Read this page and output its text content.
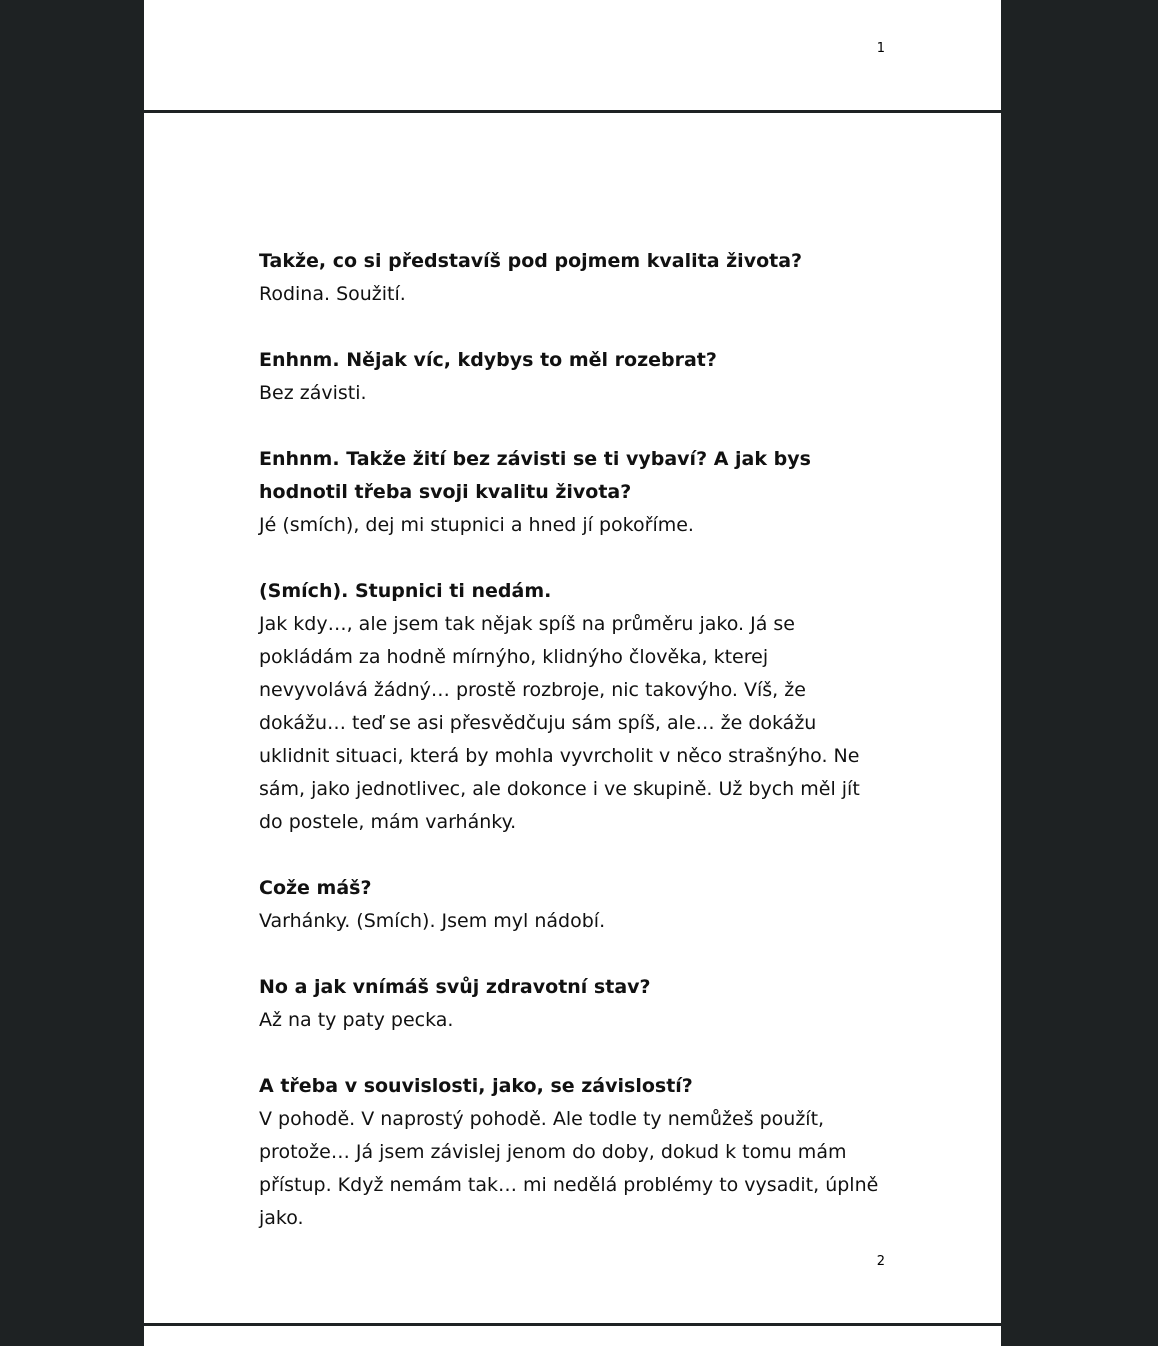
1

Takže, co si představíš pod pojmem kvalita života?

Rodina. Soužití.

Enhnm. Nějak víc, kdybys to měl rozebrat?

Bez závisti.

Enhnm. Takže žití bez závisti se ti vybaví? A jak bys hodnotil třeba svoji kvalitu života?

Jé (smích), dej mi stupnici a hned jí pokoříme.

(Smích). Stupnici ti nedám.

Jak kdy…, ale jsem tak nějak spíš na průměru jako. Já se pokládám za hodně mírnýho, klidnýho člověka, kterej nevyvolává žádný… prostě rozbroje, nic takovýho. Víš, že dokážu… teď se asi přesvědčuju sám spíš, ale… že dokážu uklidnit situaci, která by mohla vyvrcholit v něco strašnýho. Ne sám, jako jednotlivec, ale dokonce i ve skupině. Už bych měl jít do postele, mám varhánky.

Cože máš?

Varhánky. (Smích). Jsem myl nádobí.

No a jak vnímáš svůj zdravotní stav?

Až na ty paty pecka.

A třeba v souvislosti, jako, se závislostí?

V pohodě. V naprostý pohodě. Ale todle ty nemůžeš použít, protože… Já jsem závislej jenom do doby, dokud k tomu mám přístup. Když nemám tak… mi nedělá problémy to vysadit, úplně jako.

2
